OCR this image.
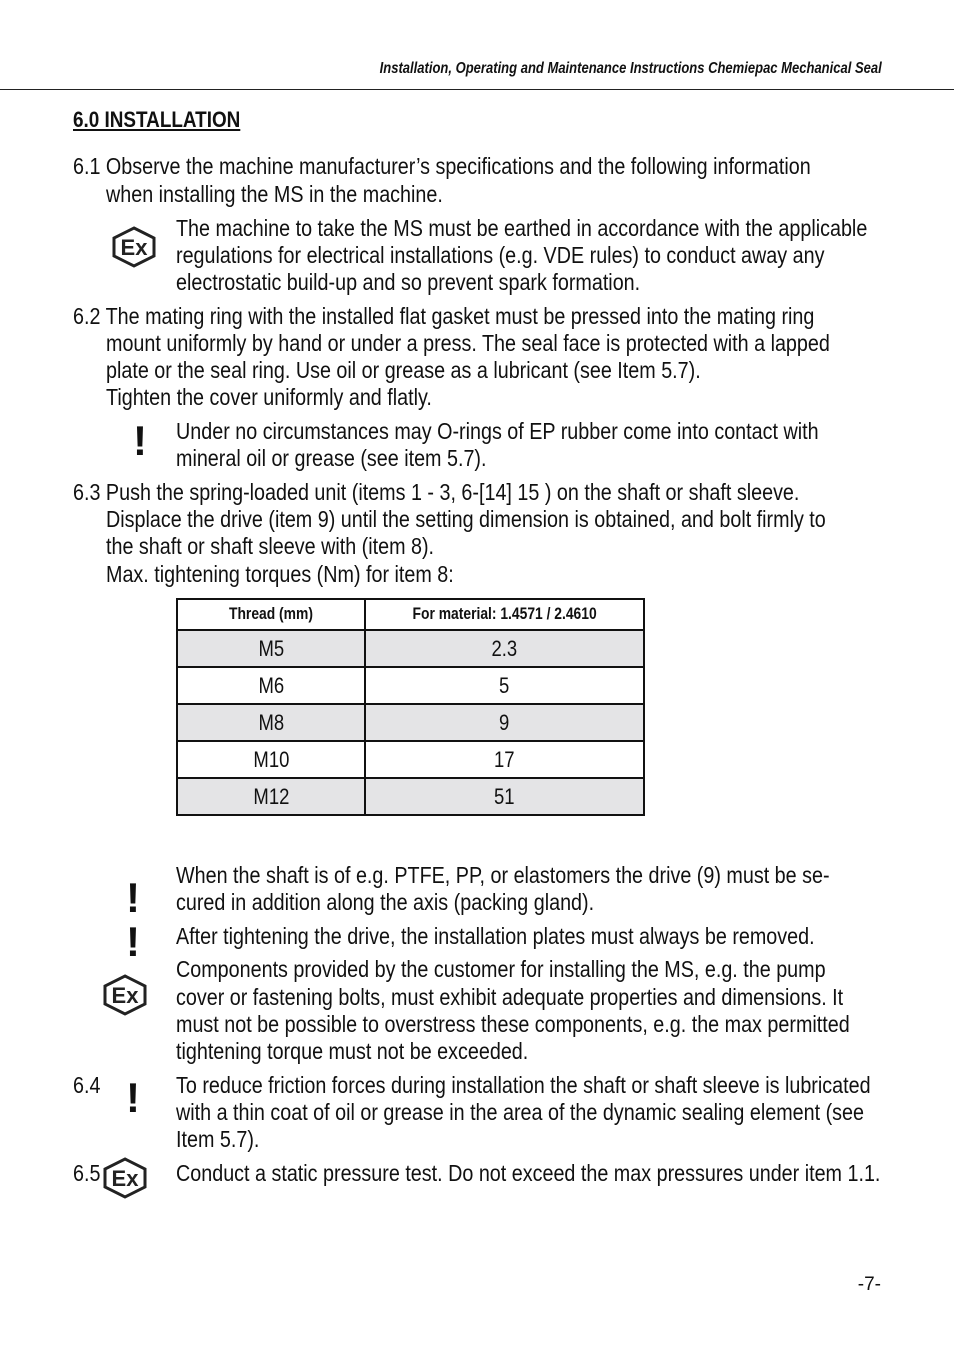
Installation, Operating and Maintenance Instructions Chemiepac Mechanical Seal
6.0 INSTALLATION
6.1 Observe the machine manufacturer’s specifications and the following information
when installing the MS in the machine.
Ex
The machine to take the MS must be earthed in accordance with the applicable
regulations for electrical installations (e.g. VDE rules) to conduct away any
electrostatic build-up and so prevent spark formation.
6.2 The mating ring with the installed flat gasket must be pressed into the mating ring
mount uniformly by hand or under a press. The seal face is protected with a lapped
plate or the seal ring. Use oil or grease as a lubricant (see Item 5.7).
Tighten the cover uniformly and flatly.
! Under no circumstances may O-rings of EP rubber come into contact with
mineral oil or grease (see item 5.7).
6.3 Push the spring-loaded unit (items 1 - 3, 6-[14] 15 ) on the shaft or shaft sleeve.
Displace the drive (item 9) until the setting dimension is obtained, and bolt firmly to
the shaft or shaft sleeve with (item 8).
Max. tightening torques (Nm) for item 8:
Thread (mm)	For material: 1.4571 / 2.4610
M5	2.3
M6	5
M8	9
M10	17
M12	51
! When the shaft is of e.g. PTFE, PP, or elastomers the drive (9) must be se-
cured in addition along the axis (packing gland).
! After tightening the drive, the installation plates must always be removed.
Ex
Components provided by the customer for installing the MS, e.g. the pump
cover or fastening bolts, must exhibit adequate properties and dimensions. It
must not be possible to overstress these components, e.g. the max permitted
tightening torque must not be exceeded.
6.4 ! To reduce friction forces during installation the shaft or shaft sleeve is lubricated
with a thin coat of oil or grease in the area of the dynamic sealing element (see
Item 5.7).
6.5 Ex Conduct a static pressure test. Do not exceed the max pressures under item 1.1.
-7-
